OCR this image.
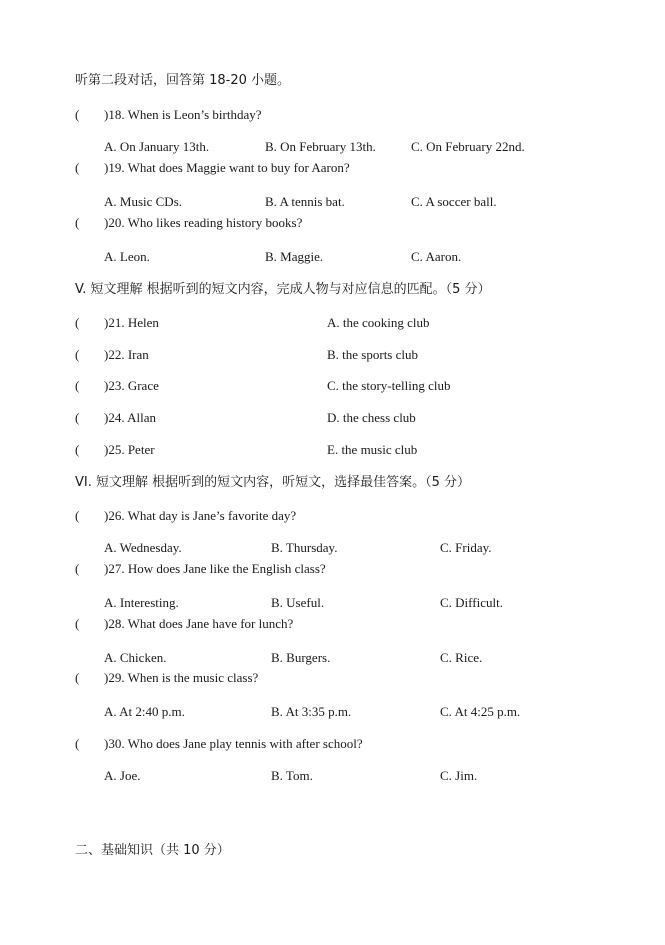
听第二段对话，回答第 18-20 小题。
( )18. When is Leon’s birthday?
A. On January 13th.	B. On February 13th.	C. On February 22nd.
( )19. What does Maggie want to buy for Aaron?
A. Music CDs.	B. A tennis bat.	C. A soccer ball.
( )20. Who likes reading history books?
A. Leon.	B. Maggie.	C. Aaron.
V. 短文理解 根据听到的短文内容，完成人物与对应信息的匹配。（5 分）
( )21. Helen	A. the cooking club
( )22. Iran	B. the sports club
( )23. Grace	C. the story-telling club
( )24. Allan	D. the chess club
( )25. Peter	E. the music club
VI. 短文理解 根据听到的短文内容，听短文，选择最佳答案。（5 分）
( )26. What day is Jane’s favorite day?
A. Wednesday.	B. Thursday.	C. Friday.
( )27. How does Jane like the English class?
A. Interesting.	B. Useful.	C. Difficult.
( )28. What does Jane have for lunch?
A. Chicken.	B. Burgers.	C. Rice.
( )29. When is the music class?
A. At 2:40 p.m.	B. At 3:35 p.m.	C. At 4:25 p.m.
( )30. Who does Jane play tennis with after school?
A. Joe.	B. Tom.	C. Jim.
二、基础知识（共 10 分）
